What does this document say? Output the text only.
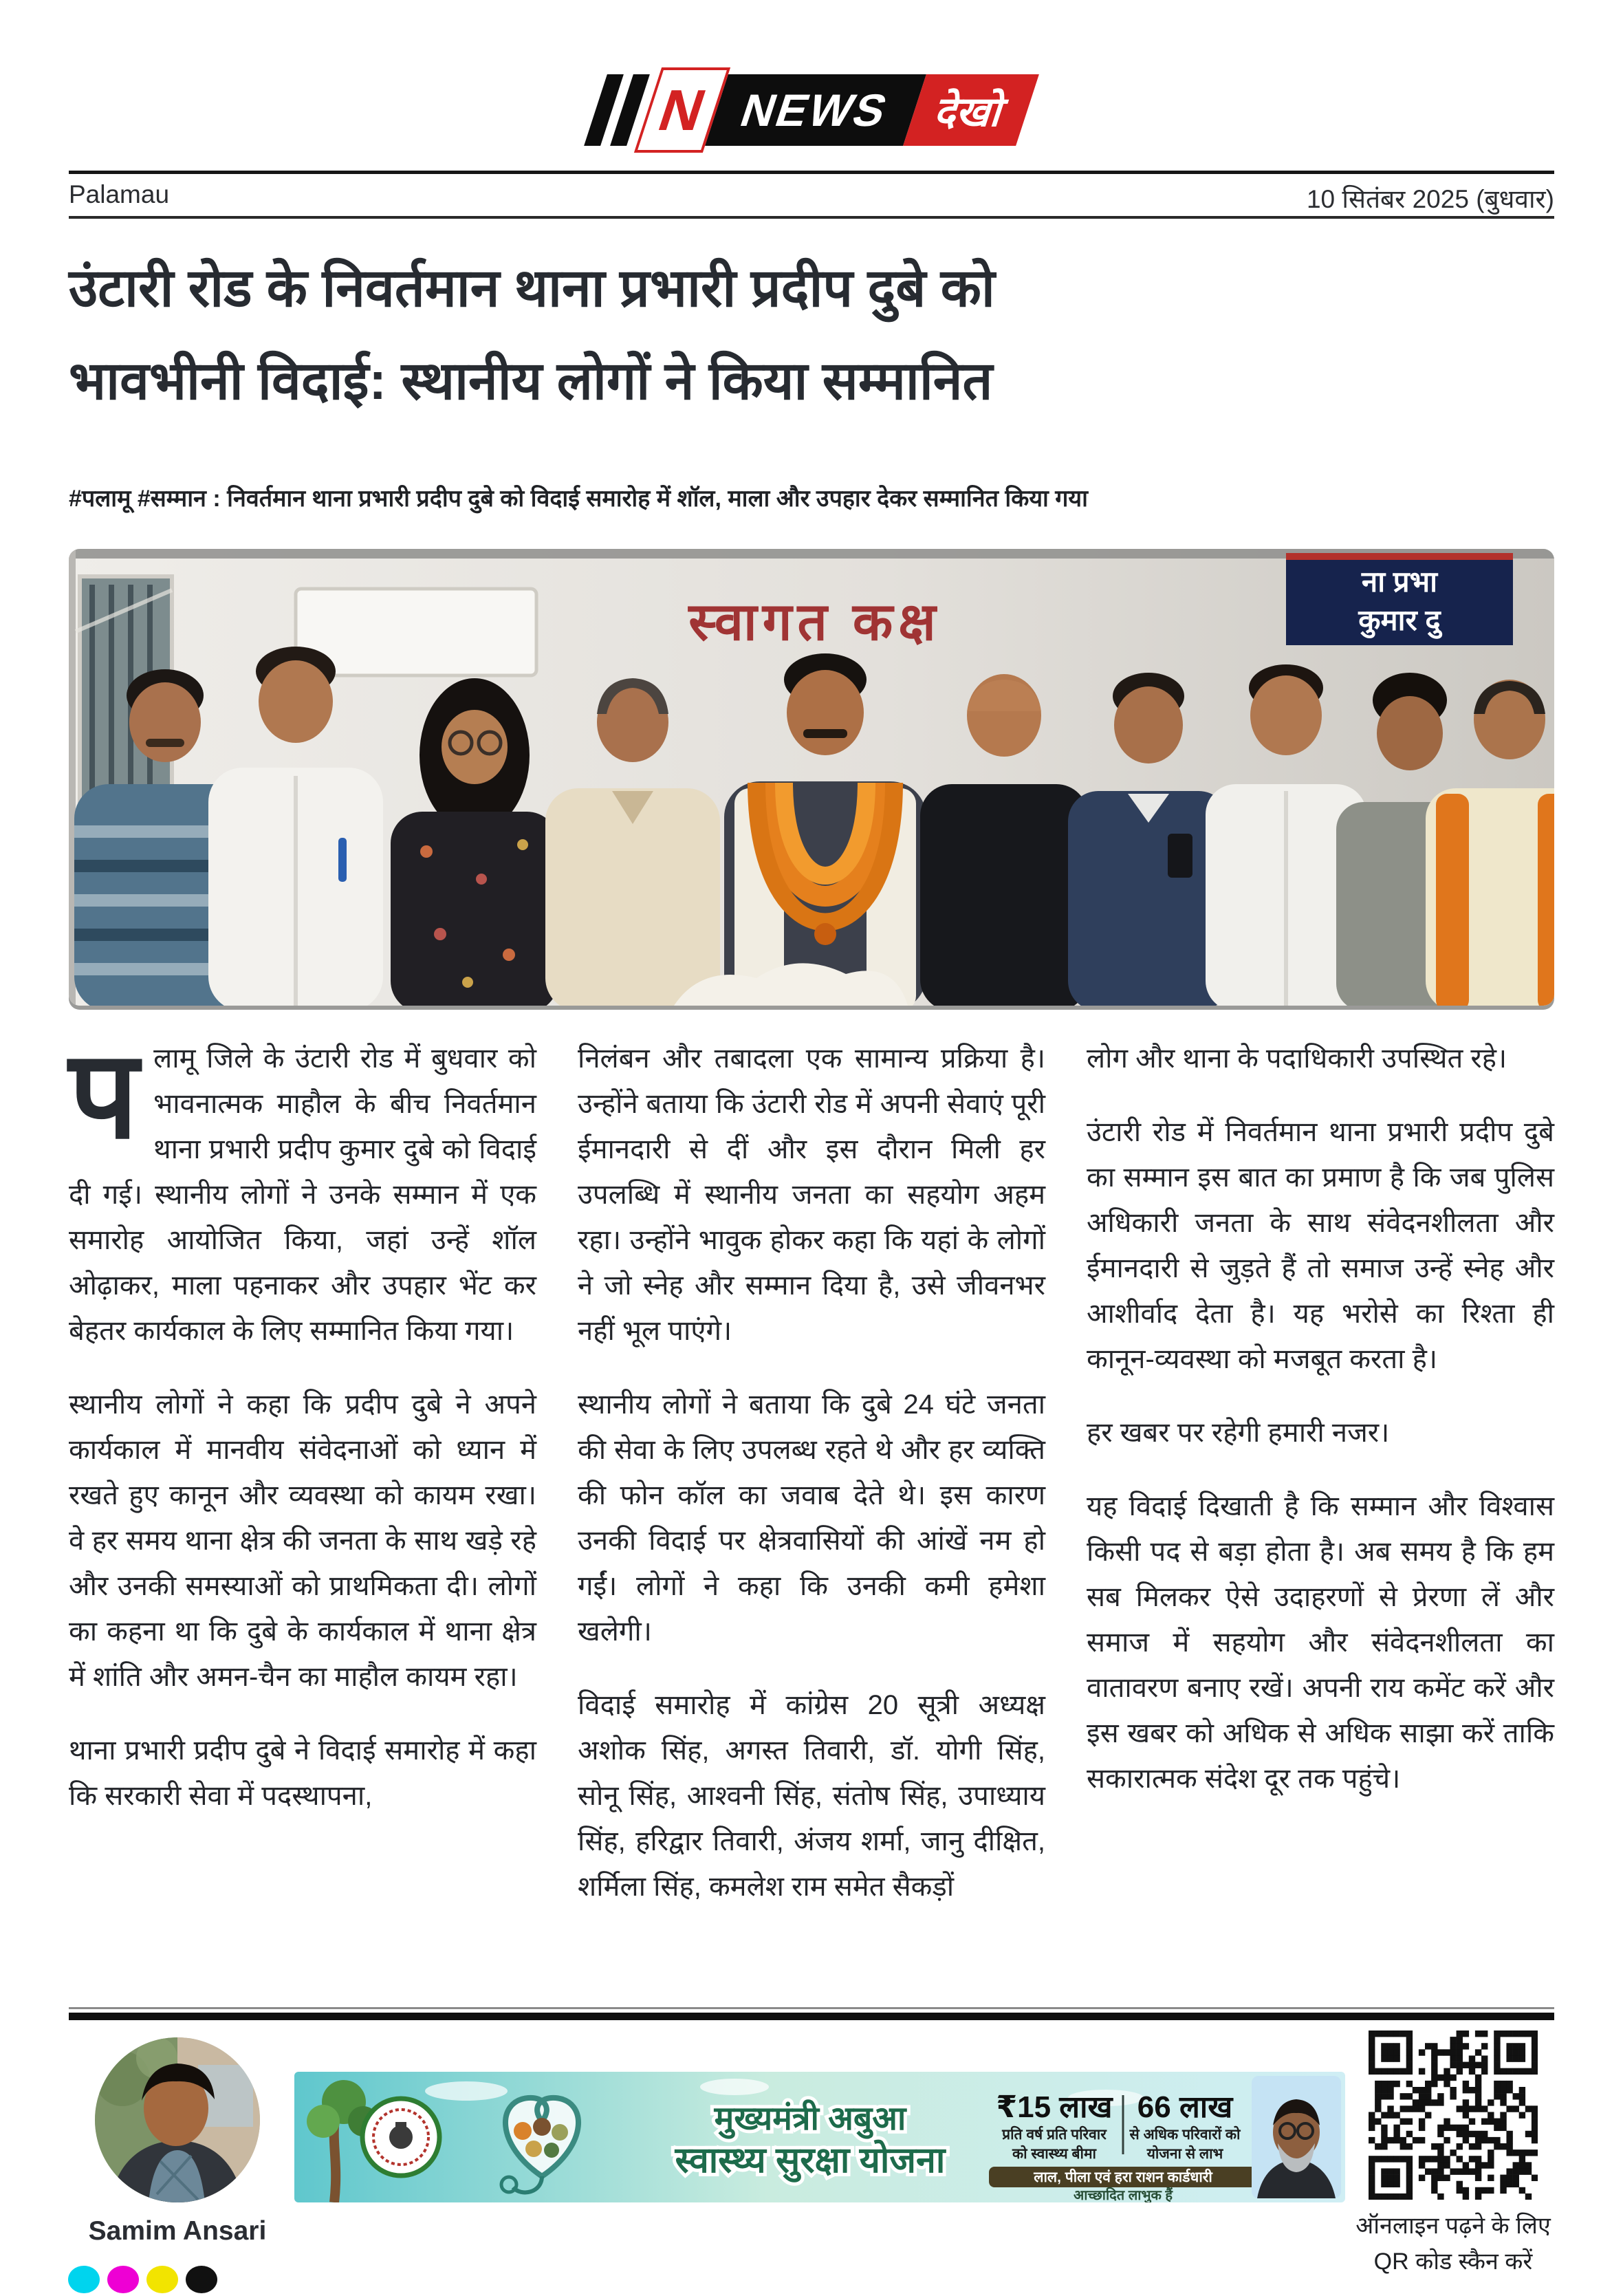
N NEWS देखो
Palamau	10 सितंबर 2025 (बुधवार)
उंटारी रोड के निवर्तमान थाना प्रभारी प्रदीप दुबे को
भावभीनी विदाई: स्थानीय लोगों ने किया सम्मानित
#पलामू #सम्मान : निवर्तमान थाना प्रभारी प्रदीप दुबे को विदाई समारोह में शॉल, माला और उपहार देकर सम्मानित किया गया
स्वागत कक्ष
ना प्रभा
कुमार दु

पलामू जिले के उंटारी रोड में बुधवार को भावनात्मक माहौल के बीच निवर्तमान थाना प्रभारी प्रदीप कुमार दुबे को विदाई दी गई। स्थानीय लोगों ने उनके सम्मान में एक समारोह आयोजित किया, जहां उन्हें शॉल ओढ़ाकर, माला पहनाकर और उपहार भेंट कर बेहतर कार्यकाल के लिए सम्मानित किया गया।

स्थानीय लोगों ने कहा कि प्रदीप दुबे ने अपने कार्यकाल में मानवीय संवेदनाओं को ध्यान में रखते हुए कानून और व्यवस्था को कायम रखा। वे हर समय थाना क्षेत्र की जनता के साथ खड़े रहे और उनकी समस्याओं को प्राथमिकता दी। लोगों का कहना था कि दुबे के कार्यकाल में थाना क्षेत्र में शांति और अमन-चैन का माहौल कायम रहा।

थाना प्रभारी प्रदीप दुबे ने विदाई समारोह में कहा कि सरकारी सेवा में पदस्थापना,

निलंबन और तबादला एक सामान्य प्रक्रिया है। उन्होंने बताया कि उंटारी रोड में अपनी सेवाएं पूरी ईमानदारी से दीं और इस दौरान मिली हर उपलब्धि में स्थानीय जनता का सहयोग अहम रहा। उन्होंने भावुक होकर कहा कि यहां के लोगों ने जो स्नेह और सम्मान दिया है, उसे जीवनभर नहीं भूल पाएंगे।

स्थानीय लोगों ने बताया कि दुबे 24 घंटे जनता की सेवा के लिए उपलब्ध रहते थे और हर व्यक्ति की फोन कॉल का जवाब देते थे। इस कारण उनकी विदाई पर क्षेत्रवासियों की आंखें नम हो गईं। लोगों ने कहा कि उनकी कमी हमेशा खलेगी।

विदाई समारोह में कांग्रेस 20 सूत्री अध्यक्ष अशोक सिंह, अगस्त तिवारी, डॉ. योगी सिंह, सोनू सिंह, आश्वनी सिंह, संतोष सिंह, उपाध्याय सिंह, हरिद्वार तिवारी, अंजय शर्मा, जानु दीक्षित, शर्मिला सिंह, कमलेश राम समेत सैकड़ों

लोग और थाना के पदाधिकारी उपस्थित रहे।

उंटारी रोड में निवर्तमान थाना प्रभारी प्रदीप दुबे का सम्मान इस बात का प्रमाण है कि जब पुलिस अधिकारी जनता के साथ संवेदनशीलता और ईमानदारी से जुड़ते हैं तो समाज उन्हें स्नेह और आशीर्वाद देता है। यह भरोसे का रिश्ता ही कानून-व्यवस्था को मजबूत करता है।

हर खबर पर रहेगी हमारी नजर।

यह विदाई दिखाती है कि सम्मान और विश्वास किसी पद से बड़ा होता है। अब समय है कि हम सब मिलकर ऐसे उदाहरणों से प्रेरणा लें और समाज में सहयोग और संवेदनशीलता का वातावरण बनाए रखें। अपनी राय कमेंट करें और इस खबर को अधिक से अधिक साझा करें ताकि सकारात्मक संदेश दूर तक पहुंचे।

Samim Ansari
मुख्यमंत्री अबुआ
स्वास्थ्य सुरक्षा योजना
₹15 लाख
प्रति वर्ष प्रति परिवार
को स्वास्थ्य बीमा
66 लाख
से अधिक परिवारों को
योजना से लाभ
लाल, पीला एवं हरा राशन कार्डधारी
आच्छादित लाभुक हैं
ऑनलाइन पढ़ने के लिए
QR कोड स्कैन करें
